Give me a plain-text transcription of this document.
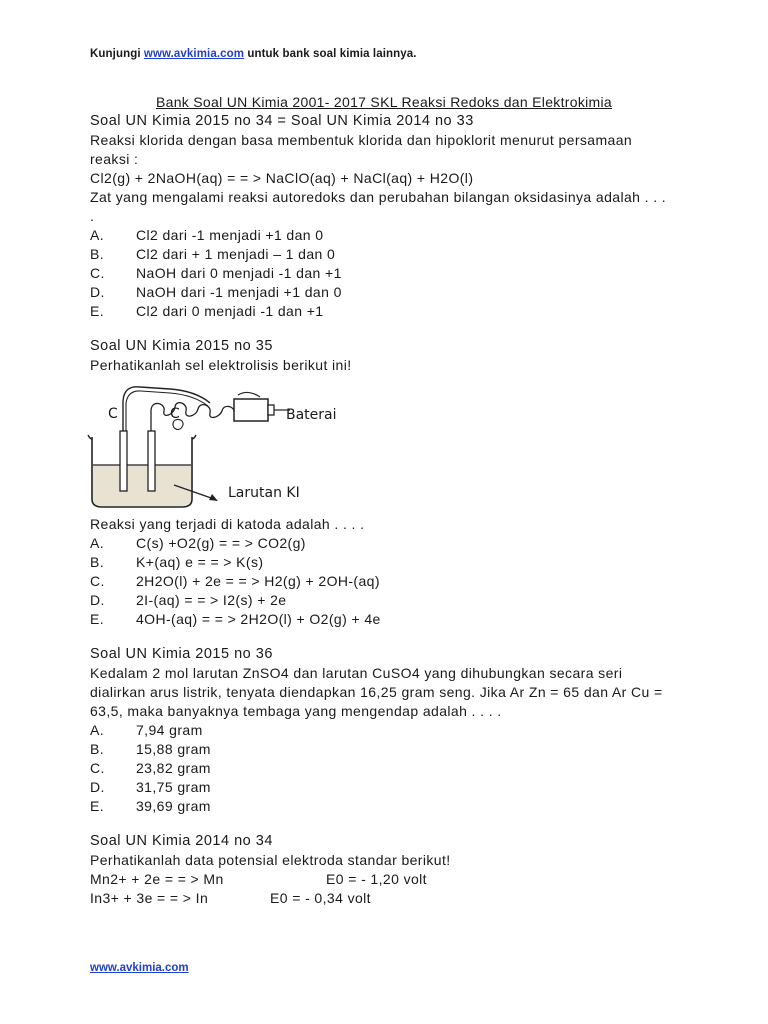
Kunjungi www.avkimia.com untuk bank soal kimia lainnya.
Bank Soal UN Kimia 2001- 2017 SKL Reaksi Redoks dan Elektrokimia
Soal UN Kimia 2015 no 34 = Soal UN Kimia 2014 no 33
Reaksi klorida dengan basa membentuk klorida dan hipoklorit menurut persamaan
reaksi :
Cl2(g) + 2NaOH(aq) = = > NaClO(aq) + NaCl(aq) + H2O(l)
Zat yang mengalami reaksi autoredoks dan perubahan bilangan oksidasinya adalah . . .
.
A.	Cl2 dari -1 menjadi +1 dan 0
B.	Cl2 dari + 1 menjadi – 1 dan 0
C.	NaOH dari 0 menjadi -1 dan +1
D.	NaOH dari -1 menjadi +1 dan 0
E.	Cl2 dari 0 menjadi -1 dan +1
Soal UN Kimia 2015 no 35
Perhatikanlah sel elektrolisis berikut ini!
C	C	Baterai
Larutan KI
Reaksi yang terjadi di katoda adalah . . . .
A.	C(s) +O2(g) = = > CO2(g)
B.	K+(aq) e = = > K(s)
C.	2H2O(l) + 2e = = > H2(g) + 2OH-(aq)
D.	2I-(aq) = = > I2(s) + 2e
E.	4OH-(aq) = = > 2H2O(l) + O2(g) + 4e
Soal UN Kimia 2015 no 36
Kedalam 2 mol larutan ZnSO4 dan larutan CuSO4 yang dihubungkan secara seri
dialirkan arus listrik, tenyata diendapkan 16,25 gram seng. Jika Ar Zn = 65 dan Ar Cu =
63,5, maka banyaknya tembaga yang mengendap adalah . . . .
A.	7,94 gram
B.	15,88 gram
C.	23,82 gram
D.	31,75 gram
E.	39,69 gram
Soal UN Kimia 2014 no 34
Perhatikanlah data potensial elektroda standar berikut!
Mn2+ + 2e = = > Mn	E0 = - 1,20 volt
In3+ + 3e = = > In	E0 = - 0,34 volt
www.avkimia.com
